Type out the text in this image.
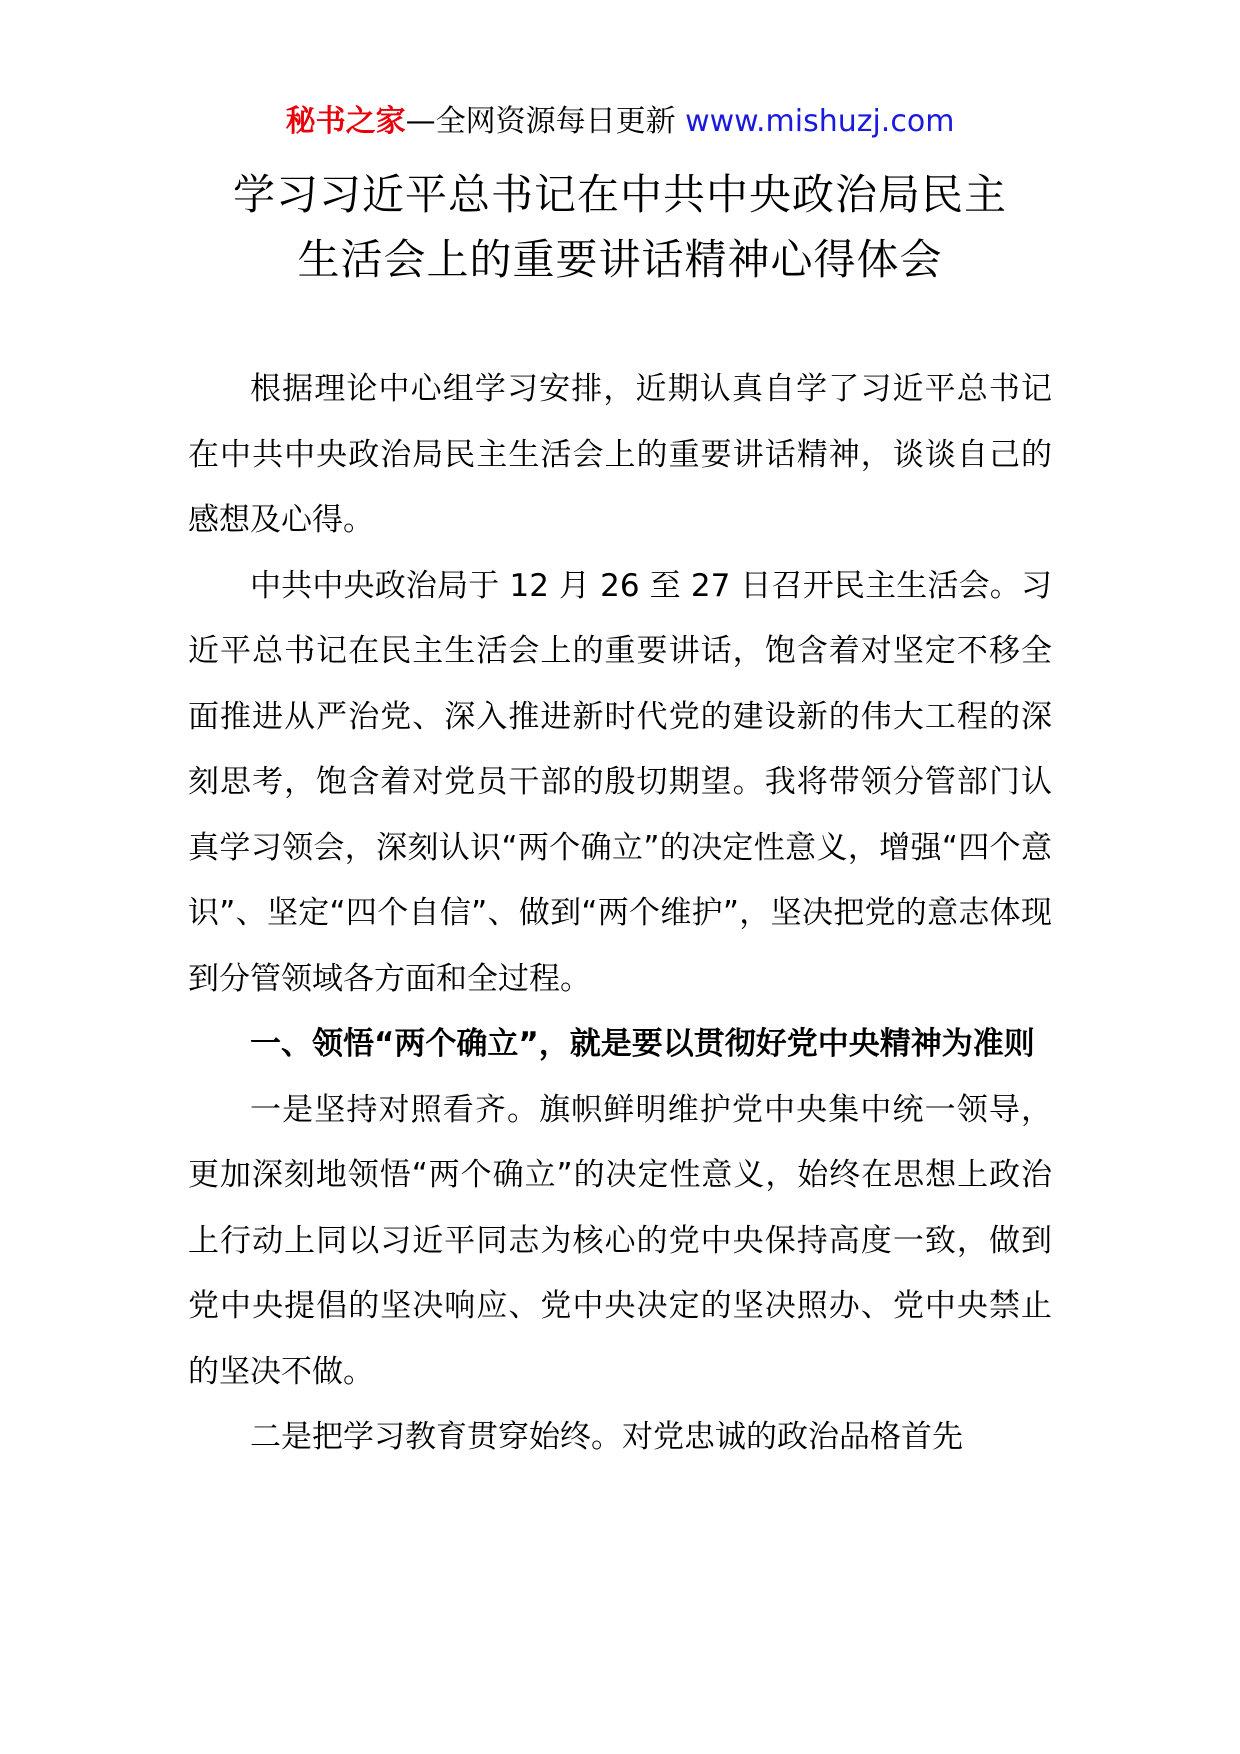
秘书之家—全网资源每日更新 www.mishuzj.com
学习习近平总书记在中共中央政治局民主
生活会上的重要讲话精神心得体会

根据理论中心组学习安排，近期认真自学了习近平总书记在中共中央政治局民主生活会上的重要讲话精神，谈谈自己的感想及心得。

中共中央政治局于 12 月 26 至 27 日召开民主生活会。习近平总书记在民主生活会上的重要讲话，饱含着对坚定不移全面推进从严治党、深入推进新时代党的建设新的伟大工程的深刻思考，饱含着对党员干部的殷切期望。我将带领分管部门认真学习领会，深刻认识“两个确立”的决定性意义，增强“四个意识”、坚定“四个自信”、做到“两个维护”，坚决把党的意志体现到分管领域各方面和全过程。

一、领悟“两个确立”，就是要以贯彻好党中央精神为准则

一是坚持对照看齐。旗帜鲜明维护党中央集中统一领导，更加深刻地领悟“两个确立”的决定性意义，始终在思想上政治上行动上同以习近平同志为核心的党中央保持高度一致，做到党中央提倡的坚决响应、党中央决定的坚决照办、党中央禁止的坚决不做。

二是把学习教育贯穿始终。对党忠诚的政治品格首先
